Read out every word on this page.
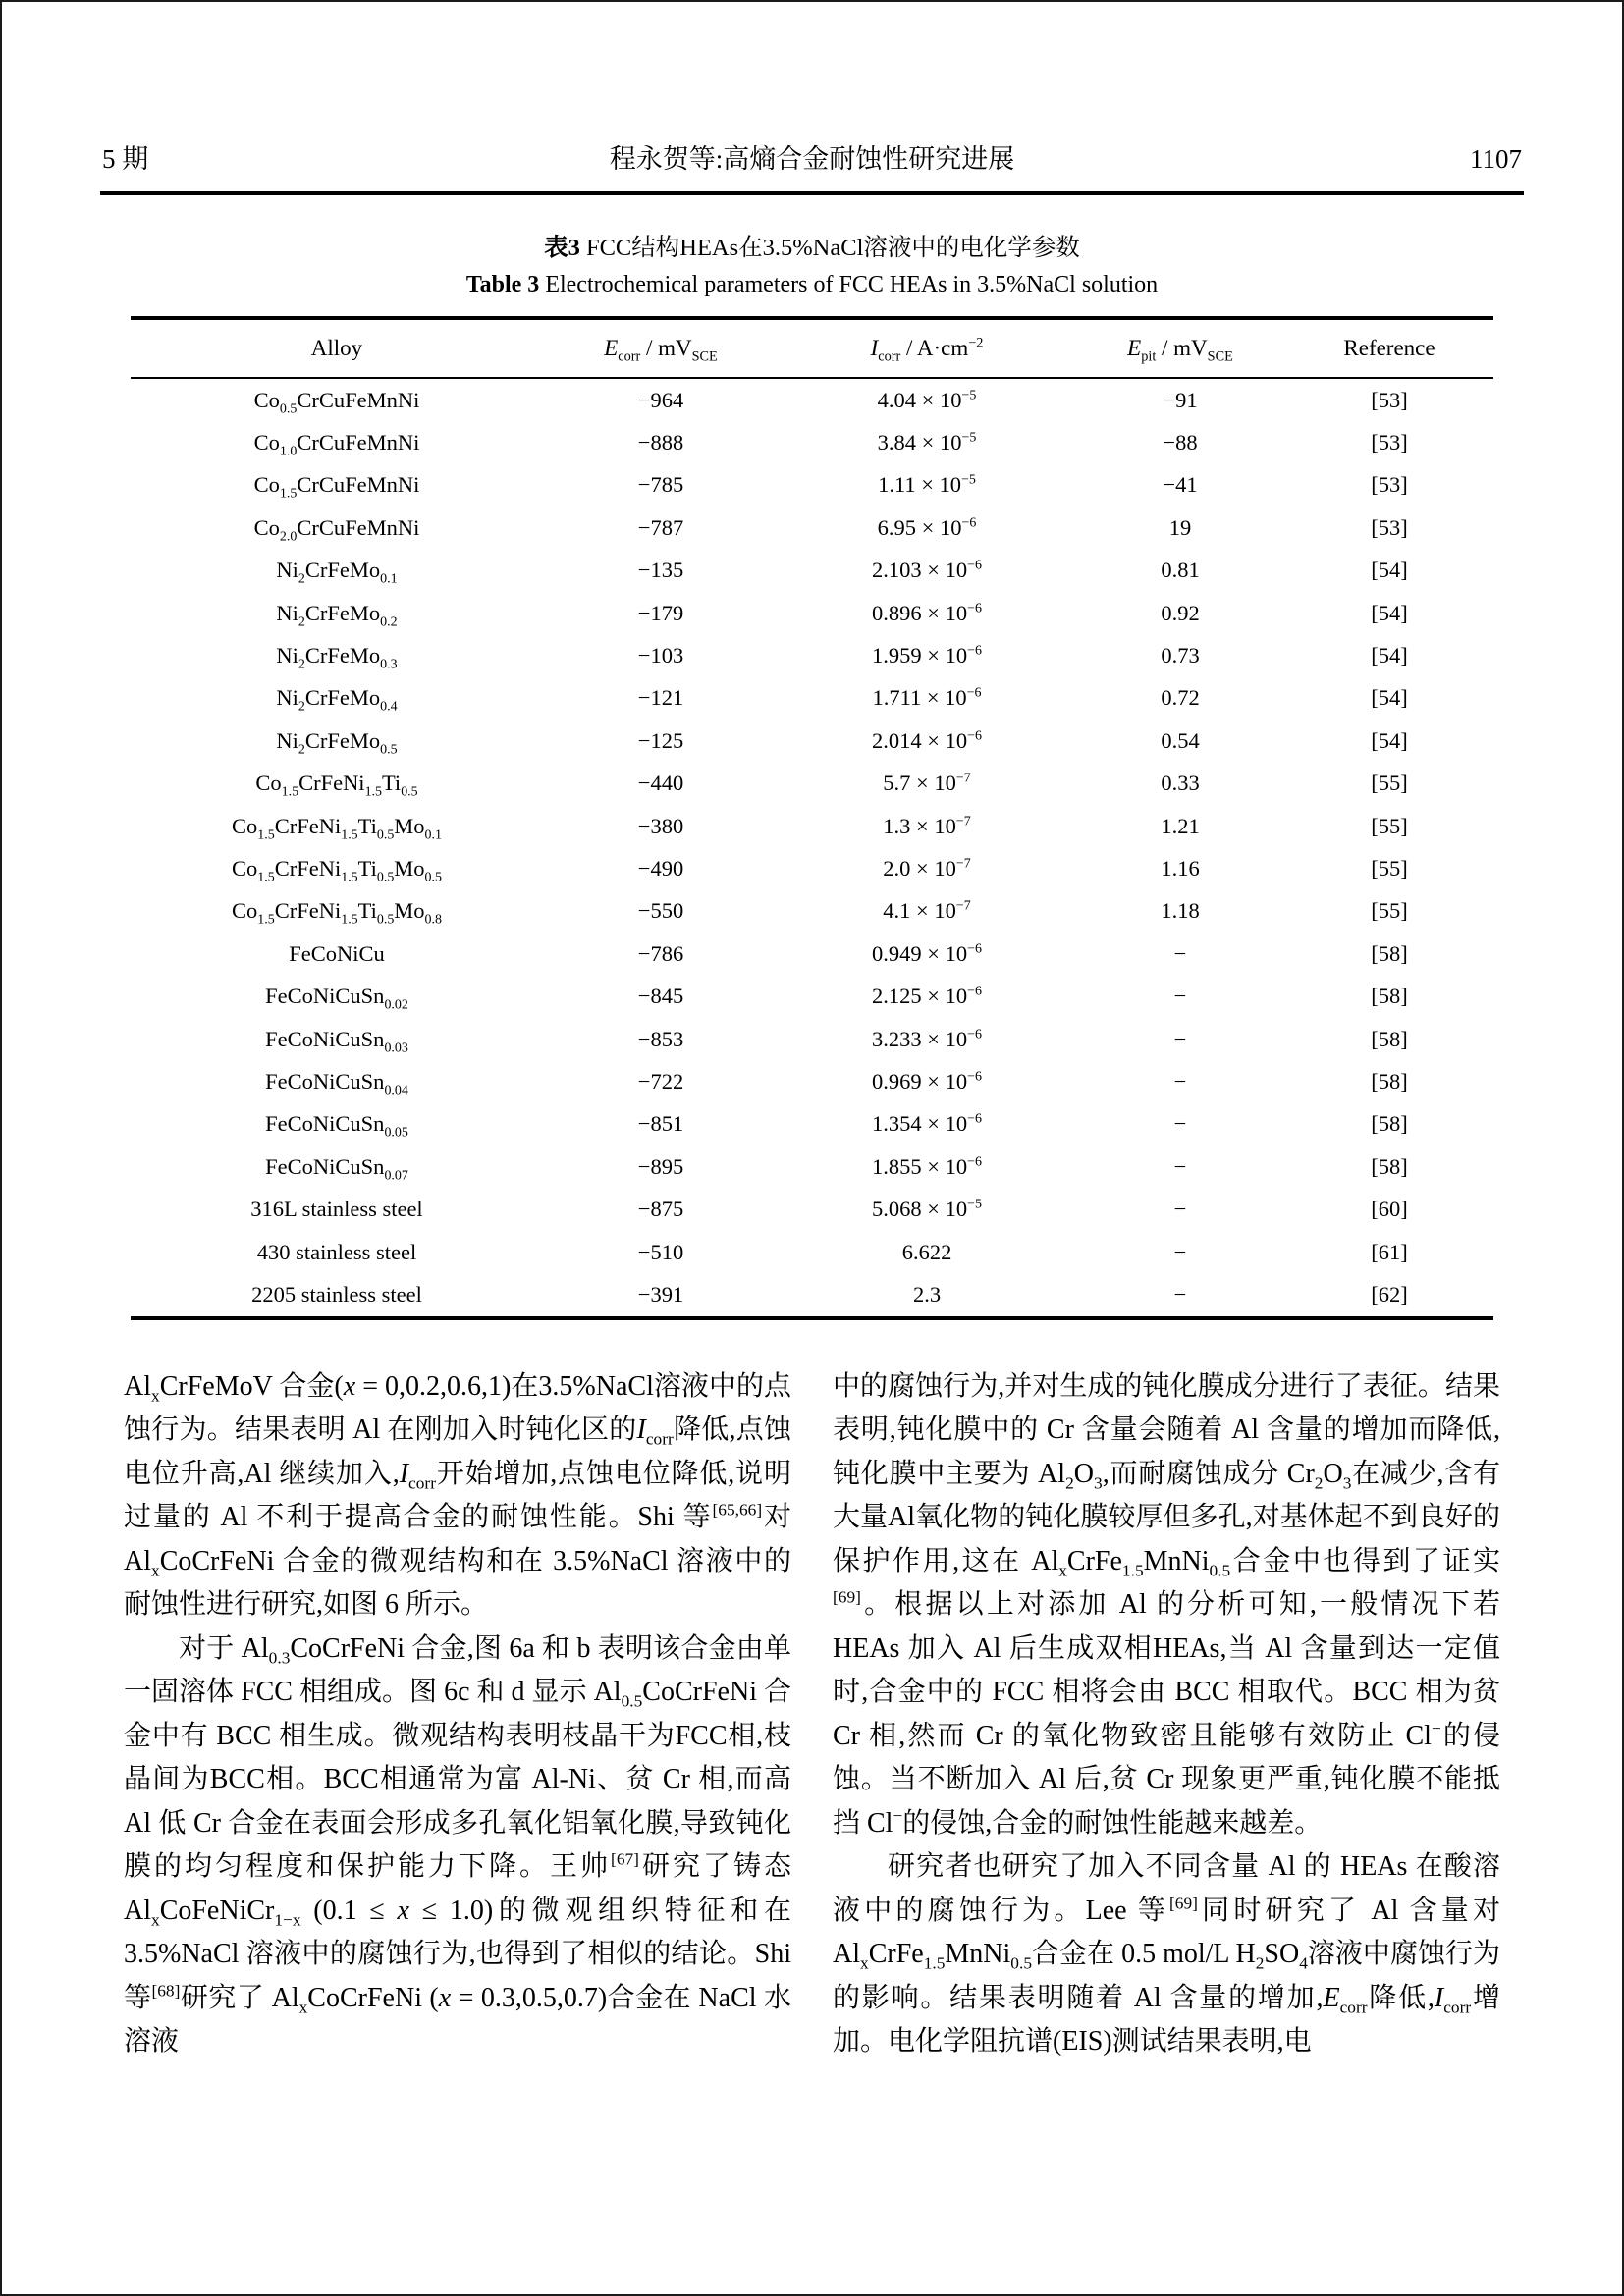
5 期	程永贺等:高熵合金耐蚀性研究进展	1107
表3 FCC结构HEAs在3.5%NaCl溶液中的电化学参数
Table 3 Electrochemical parameters of FCC HEAs in 3.5%NaCl solution
Alloy	$E_{corr} / mV_{SCE}$	$I_{corr} / A\cdot cm^{-2}$	$E_{pit} / mV_{SCE}$	Reference
$Co_{0.5}CrCuFeMnNi$	−964	$4.04 \times 10^{-5}$	−91	[53]
$Co_{1.0}CrCuFeMnNi$	−888	$3.84 \times 10^{-5}$	−88	[53]
$Co_{1.5}CrCuFeMnNi$	−785	$1.11 \times 10^{-5}$	−41	[53]
$Co_{2.0}CrCuFeMnNi$	−787	$6.95 \times 10^{-6}$	19	[53]
$Ni_2CrFeMo_{0.1}$	−135	$2.103 \times 10^{-6}$	0.81	[54]
$Ni_2CrFeMo_{0.2}$	−179	$0.896 \times 10^{-6}$	0.92	[54]
$Ni_2CrFeMo_{0.3}$	−103	$1.959 \times 10^{-6}$	0.73	[54]
$Ni_2CrFeMo_{0.4}$	−121	$1.711 \times 10^{-6}$	0.72	[54]
$Ni_2CrFeMo_{0.5}$	−125	$2.014 \times 10^{-6}$	0.54	[54]
$Co_{1.5}CrFeNi_{1.5}Ti_{0.5}$	−440	$5.7 \times 10^{-7}$	0.33	[55]
$Co_{1.5}CrFeNi_{1.5}Ti_{0.5}Mo_{0.1}$	−380	$1.3 \times 10^{-7}$	1.21	[55]
$Co_{1.5}CrFeNi_{1.5}Ti_{0.5}Mo_{0.5}$	−490	$2.0 \times 10^{-7}$	1.16	[55]
$Co_{1.5}CrFeNi_{1.5}Ti_{0.5}Mo_{0.8}$	−550	$4.1 \times 10^{-7}$	1.18	[55]
FeCoNiCu	−786	$0.949 \times 10^{-6}$	−	[58]
FeCoNiCuSn$_{0.02}$	−845	$2.125 \times 10^{-6}$	−	[58]
FeCoNiCuSn$_{0.03}$	−853	$3.233 \times 10^{-6}$	−	[58]
FeCoNiCuSn$_{0.04}$	−722	$0.969 \times 10^{-6}$	−	[58]
FeCoNiCuSn$_{0.05}$	−851	$1.354 \times 10^{-6}$	−	[58]
FeCoNiCuSn$_{0.07}$	−895	$1.855 \times 10^{-6}$	−	[58]
316L stainless steel	−875	$5.068 \times 10^{-5}$	−	[60]
430 stainless steel	−510	6.622	−	[61]
2205 stainless steel	−391	2.3	−	[62]

$Al_xCrFeMoV$ 合金(x = 0,0.2,0.6,1)在3.5%NaCl溶液中的点蚀行为。结果表明 Al 在刚加入时钝化区的$I_{corr}$降低,点蚀电位升高,Al 继续加入$,I_{corr}$开始增加,点蚀电位降低,说明过量的 Al 不利于提高合金的耐蚀性能。Shi 等[65,66]对 $Al_xCoCrFeNi$ 合金的微观结构和在 3.5%NaCl 溶液中的耐蚀性进行研究,如图 6 所示。

对于 $Al_{0.3}CoCrFeNi$ 合金,图 6a 和 b 表明该合金由单一固溶体 FCC 相组成。图 6c 和 d 显示 $Al_{0.5}CoCrFeNi$ 合金中有 BCC 相生成。微观结构表明枝晶干为FCC相,枝晶间为BCC相。BCC相通常为富 Al-Ni、贫 Cr 相,而高 Al 低 Cr 合金在表面会形成多孔氧化铝氧化膜,导致钝化膜的均匀程度和保护能力下降。王帅[67]研究了铸态 $Al_xCoFeNiCr_{1-x}$ (0.1 ≤ x ≤ 1.0)的微观组织特征和在 3.5%NaCl 溶液中的腐蚀行为,也得到了相似的结论。Shi 等[68]研究了 $Al_xCoCrFeNi$ (x = 0.3,0.5,0.7)合金在 NaCl 水溶液

中的腐蚀行为,并对生成的钝化膜成分进行了表征。结果表明,钝化膜中的 Cr 含量会随着 Al 含量的增加而降低,钝化膜中主要为 $Al_2O_3$,而耐腐蚀成分 $Cr_2O_3$在减少,含有大量Al氧化物的钝化膜较厚但多孔,对基体起不到良好的保护作用,这在 $Al_xCrFe_{1.5}MnNi_{0.5}$合金中也得到了证实[69]。根据以上对添加 Al 的分析可知,一般情况下若 HEAs 加入 Al 后生成双相HEAs,当 Al 含量到达一定值时,合金中的 FCC 相将会由 BCC 相取代。BCC 相为贫 Cr 相,然而 Cr 的氧化物致密且能够有效防止 Cl−的侵蚀。当不断加入 Al 后,贫 Cr 现象更严重,钝化膜不能抵挡 Cl−的侵蚀,合金的耐蚀性能越来越差。

研究者也研究了加入不同含量 Al 的 HEAs 在酸溶液中的腐蚀行为。Lee 等[69]同时研究了 Al 含量对 $Al_xCrFe_{1.5}MnNi_{0.5}$合金在 0.5 mol/L $H_2SO_4$溶液中腐蚀行为的影响。结果表明随着 Al 含量的增加$,E_{corr}$降低$,I_{corr}$增加。电化学阻抗谱(EIS)测试结果表明,电
